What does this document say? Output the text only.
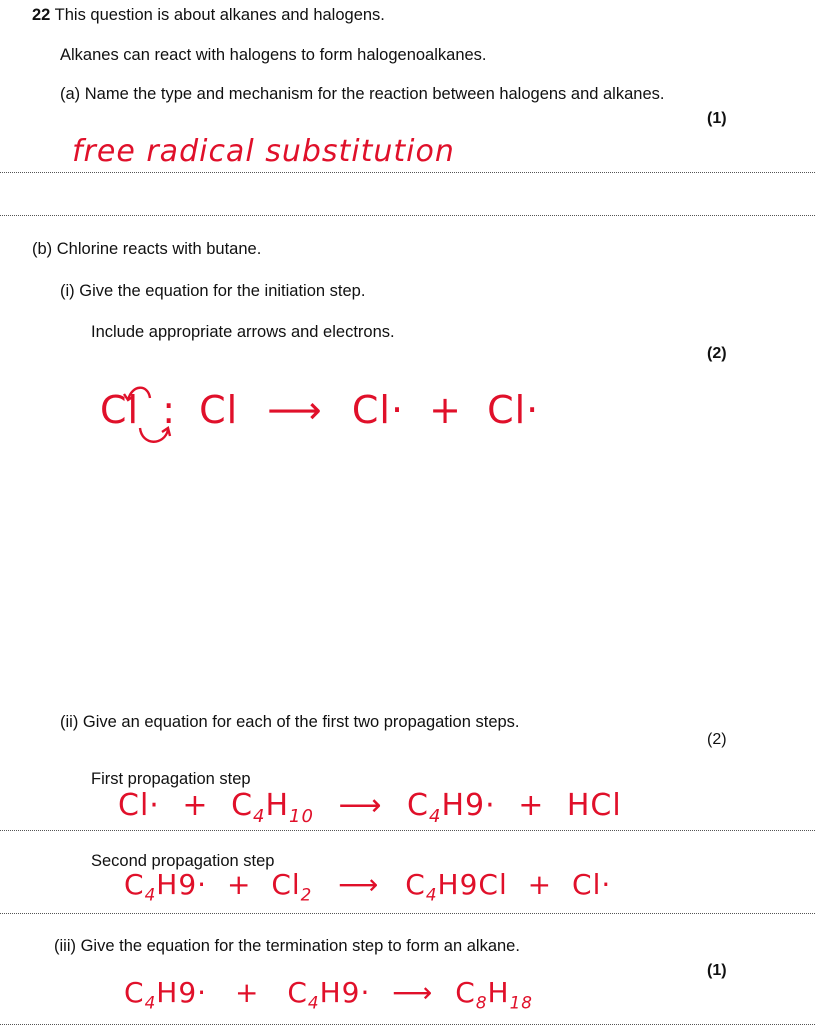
22 This question is about alkanes and halogens.
Alkanes can react with halogens to form halogenoalkanes.
(a) Name the type and mechanism for the reaction between halogens and alkanes.
(1)
free radical substitution
(b) Chlorine reacts with butane.
(i) Give the equation for the initiation step.
Include appropriate arrows and electrons.
(2)
Cl : Cl ⟶ Cl· + Cl·
(ii) Give an equation for each of the first two propagation steps.
(2)
First propagation step
$Cl\cdot + C_4H_{10}$ ⟶ $C_4H9\cdot$ + HCl
Second propagation step
$C_4H9\cdot + Cl_2$ ⟶ $C_4H9Cl + Cl\cdot$
(iii) Give the equation for the termination step to form an alkane.
(1)
$C_4H9\cdot + C_4H9\cdot$ ⟶ $C_8H_{18}$
